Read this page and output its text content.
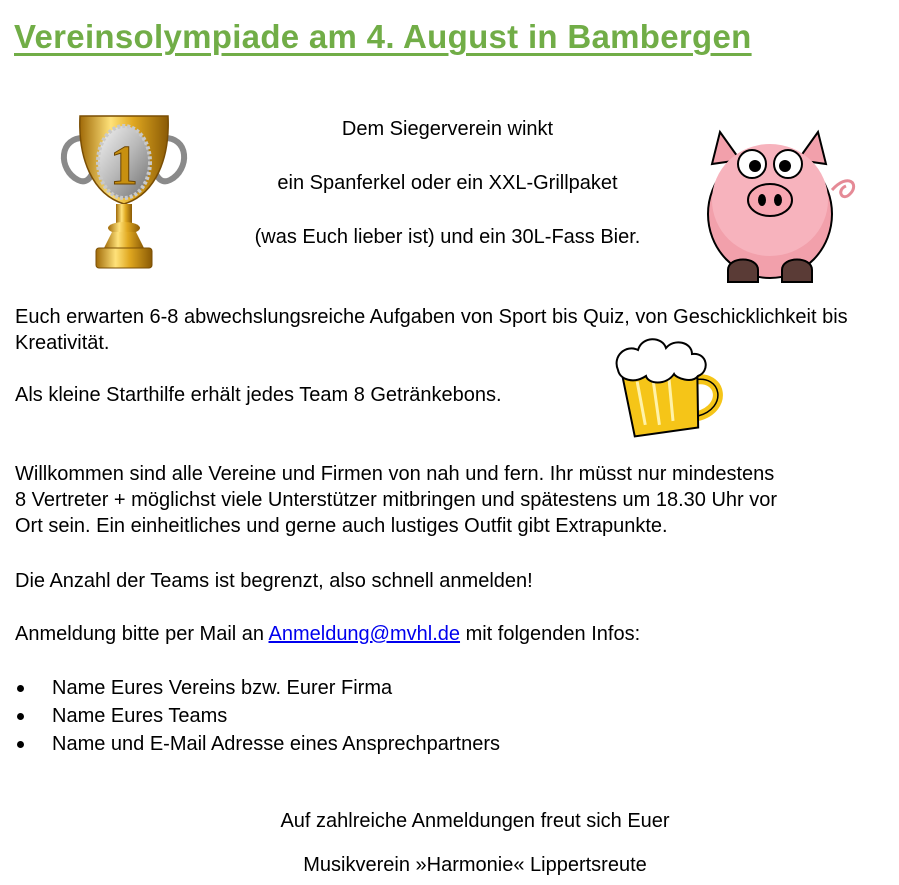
Vereinsolympiade am 4. August in Bambergen
1
Dem Siegerverein winkt
ein Spanferkel oder ein XXL-Grillpaket
(was Euch lieber ist) und ein 30L-Fass Bier.
Euch erwarten 6-8 abwechslungsreiche Aufgaben von Sport bis Quiz, von Geschicklichkeit bis Kreativität.
Als kleine Starthilfe erhält jedes Team 8 Getränkebons.
Willkommen sind alle Vereine und Firmen von nah und fern. Ihr müsst nur mindestens
8 Vertreter + möglichst viele Unterstützer mitbringen und spätestens um 18.30 Uhr vor
Ort sein. Ein einheitliches und gerne auch lustiges Outfit gibt Extrapunkte.
Die Anzahl der Teams ist begrenzt, also schnell anmelden!
Anmeldung bitte per Mail an Anmeldung@mvhl.de mit folgenden Infos:
Name Eures Vereins bzw. Eurer Firma
Name Eures Teams
Name und E-Mail Adresse eines Ansprechpartners
Auf zahlreiche Anmeldungen freut sich Euer
Musikverein »Harmonie« Lippertsreute
